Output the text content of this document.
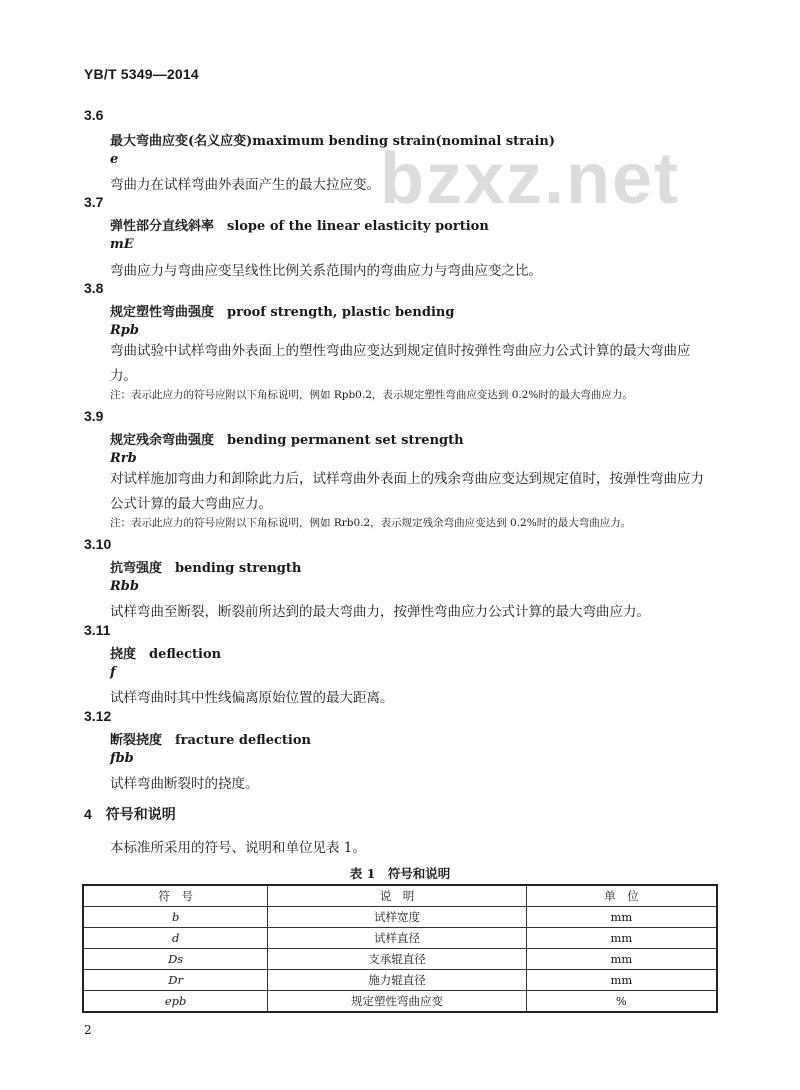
YB/T 5349—2014
bzxz.net
3.6
最大弯曲应变(名义应变)maximum bending strain(nominal strain)
e
弯曲力在试样弯曲外表面产生的最大拉应变。
3.7
弹性部分直线斜率　slope of the linear elasticity portion
mE
弯曲应力与弯曲应变呈线性比例关系范围内的弯曲应力与弯曲应变之比。
3.8
规定塑性弯曲强度　proof strength, plastic bending
Rpb
弯曲试验中试样弯曲外表面上的塑性弯曲应变达到规定值时按弹性弯曲应力公式计算的最大弯曲应力。
注：表示此应力的符号应附以下角标说明，例如 Rpb0.2，表示规定塑性弯曲应变达到 0.2%时的最大弯曲应力。
3.9
规定残余弯曲强度　bending permanent set strength
Rrb
对试样施加弯曲力和卸除此力后，试样弯曲外表面上的残余弯曲应变达到规定值时，按弹性弯曲应力公式计算的最大弯曲应力。
注：表示此应力的符号应附以下角标说明，例如 Rrb0.2，表示规定残余弯曲应变达到 0.2%时的最大弯曲应力。
3.10
抗弯强度　bending strength
Rbb
试样弯曲至断裂，断裂前所达到的最大弯曲力，按弹性弯曲应力公式计算的最大弯曲应力。
3.11
挠度　deflection
f
试样弯曲时其中性线偏离原始位置的最大距离。
3.12
断裂挠度　fracture deflection
fbb
试样弯曲断裂时的挠度。
4　符号和说明
本标准所采用的符号、说明和单位见表 1。
表 1　符号和说明
符　号	说　明	单　位
b	试样宽度	mm
d	试样直径	mm
Ds	支承辊直径	mm
Dr	施力辊直径	mm
epb	规定塑性弯曲应变	%
2
